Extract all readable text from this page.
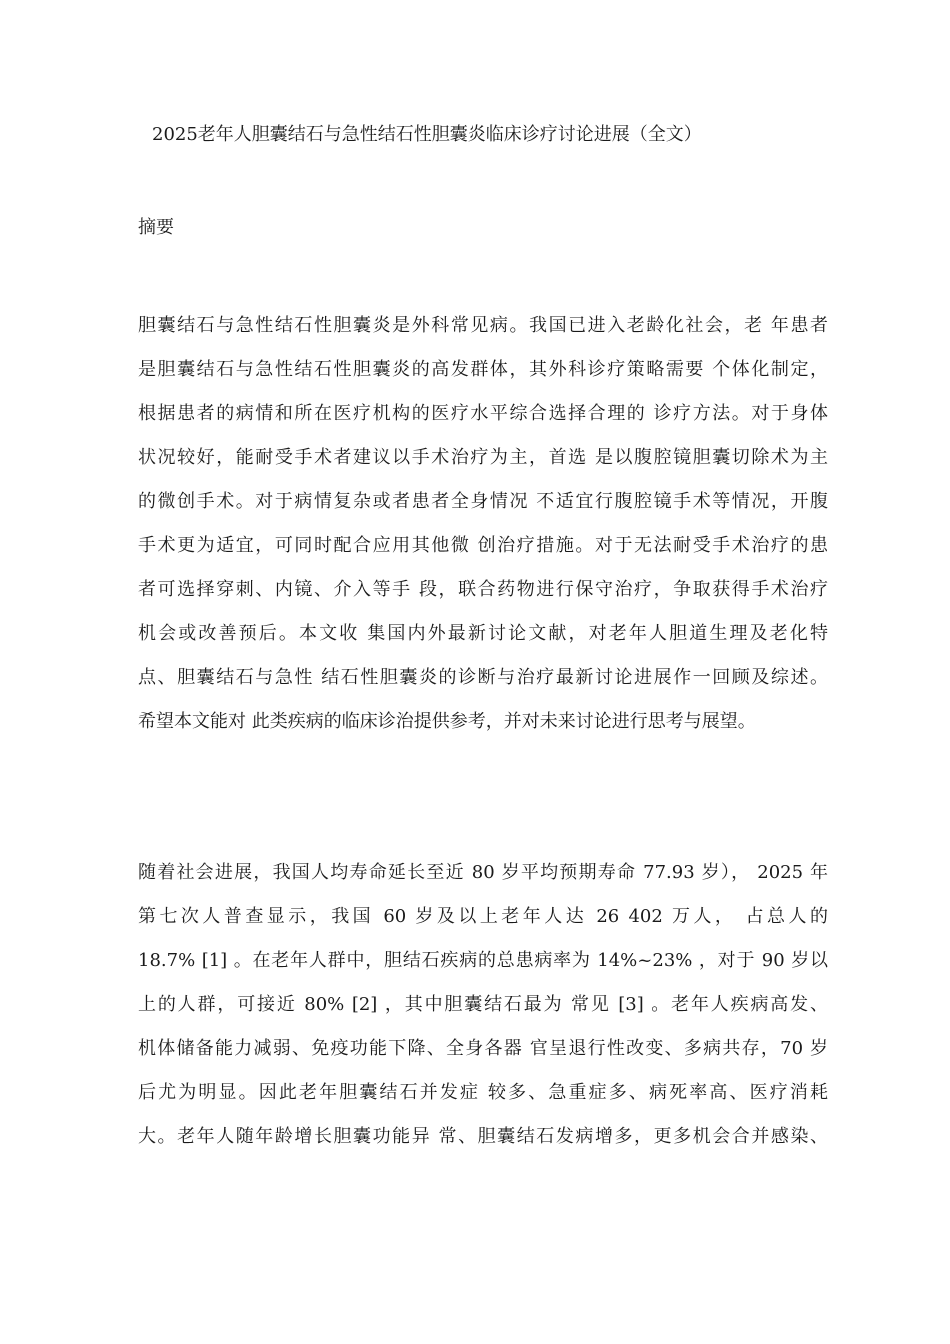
2025老年人胆囊结石与急性结石性胆囊炎临床诊疗讨论进展（全文）
摘要
胆囊结石与急性结石性胆囊炎是外科常见病。我国已进入老龄化社会，老 年患者
是胆囊结石与急性结石性胆囊炎的高发群体，其外科诊疗策略需要 个体化制定，
根据患者的病情和所在医疗机构的医疗水平综合选择合理的 诊疗方法。对于身体
状况较好，能耐受手术者建议以手术治疗为主，首选 是以腹腔镜胆囊切除术为主
的微创手术。对于病情复杂或者患者全身情况 不适宜行腹腔镜手术等情况，开腹
手术更为适宜，可同时配合应用其他微 创治疗措施。对于无法耐受手术治疗的患
者可选择穿刺、内镜、介入等手 段，联合药物进行保守治疗，争取获得手术治疗
机会或改善预后。本文收 集国内外最新讨论文献，对老年人胆道生理及老化特
点、胆囊结石与急性 结石性胆囊炎的诊断与治疗最新讨论进展作一回顾及综述。
希望本文能对 此类疾病的临床诊治提供参考，并对未来讨论进行思考与展望。
随着社会进展，我国人均寿命延长至近 80 岁平均预期寿命 77.93 岁）， 2025 年
第七次人普查显示，我国 60 岁及以上老年人达 26 402 万人， 占总人的
18.7% [1] 。在老年人群中，胆结石疾病的总患病率为 14%~23% ，对于 90 岁以
上的人群，可接近 80% [2] ，其中胆囊结石最为 常见 [3] 。老年人疾病高发、
机体储备能力减弱、免疫功能下降、全身各器 官呈退行性改变、多病共存，70 岁
后尤为明显。因此老年胆囊结石并发症 较多、急重症多、病死率高、医疗消耗
大。老年人随年龄增长胆囊功能异 常、胆囊结石发病增多，更多机会合并感染、
